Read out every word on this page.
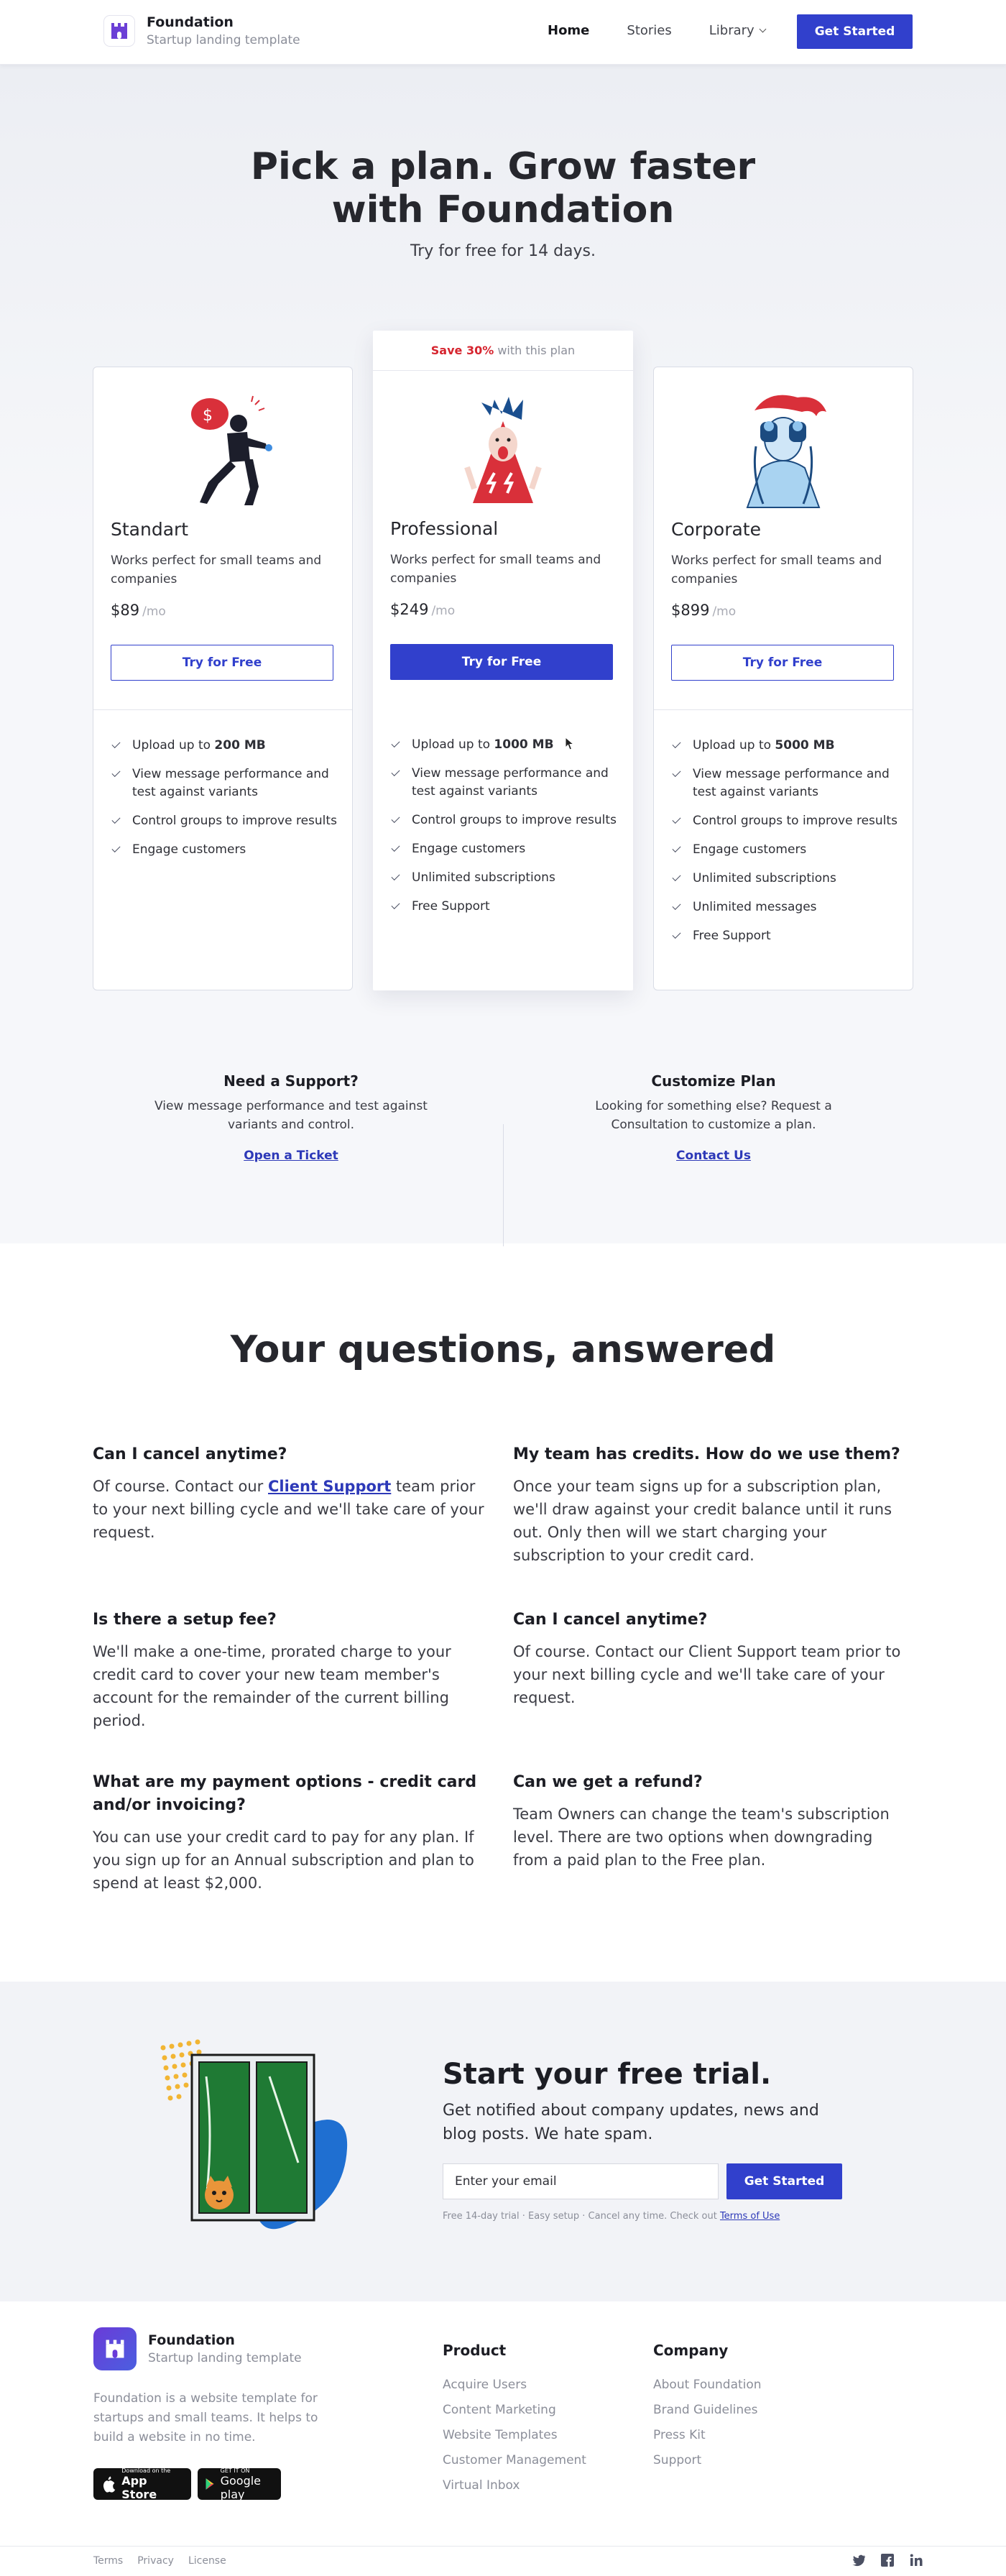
Foundation
Startup landing template
Home	Stories	Library	Get Started
Pick a plan. Grow faster
with Foundation
Try for free for 14 days.
$
Standart
Works perfect for small teams and companies
$89 /mo
Try for Free
Upload up to 200 MB
View message performance and test against variants
Control groups to improve results
Engage customers
Save 30% with this plan
Professional
Works perfect for small teams and companies
$249 /mo
Try for Free
Upload up to 1000 MB
View message performance and test against variants
Control groups to improve results
Engage customers
Unlimited subscriptions
Free Support
Corporate
Works perfect for small teams and companies
$899 /mo
Try for Free
Upload up to 5000 MB
View message performance and test against variants
Control groups to improve results
Engage customers
Unlimited subscriptions
Unlimited messages
Free Support
Need a Support?

View message performance and test against variants and control.

Open a Ticket
Customize Plan

Looking for something else? Request a Consultation to customize a plan.

Contact Us
Your questions, answered
Can I cancel anytime?

Of course. Contact our Client Support team prior to your next billing cycle and we'll take care of your request.

My team has credits. How do we use them?

Once your team signs up for a subscription plan, we'll draw against your credit balance until it runs out. Only then will we start charging your subscription to your credit card.

Is there a setup fee?

We'll make a one-time, prorated charge to your credit card to cover your new team member's account for the remainder of the current billing period.

Can I cancel anytime?

Of course. Contact our Client Support team prior to your next billing cycle and we'll take care of your request.

What are my payment options - credit card and/or invoicing?

You can use your credit card to pay for any plan. If you sign up for an Annual subscription and plan to spend at least $2,000.

Can we get a refund?

Team Owners can change the team's subscription level. There are two options when downgrading from a paid plan to the Free plan.

Start your free trial.

Get notified about company updates, news and blog posts. We hate spam.

Enter your email
Get Started
Free 14-day trial · Easy setup · Cancel any time. Check out Terms of Use
Foundation
Startup landing template
Foundation is a website template for startups and small teams. It helps to build a website in no time.
Download on the
App Store
GET IT ON
Google play
Product
Acquire Users
Content Marketing
Website Templates
Customer Management
Virtual Inbox
Company
About Foundation
Brand Guidelines
Press Kit
Support
Terms Privacy License
